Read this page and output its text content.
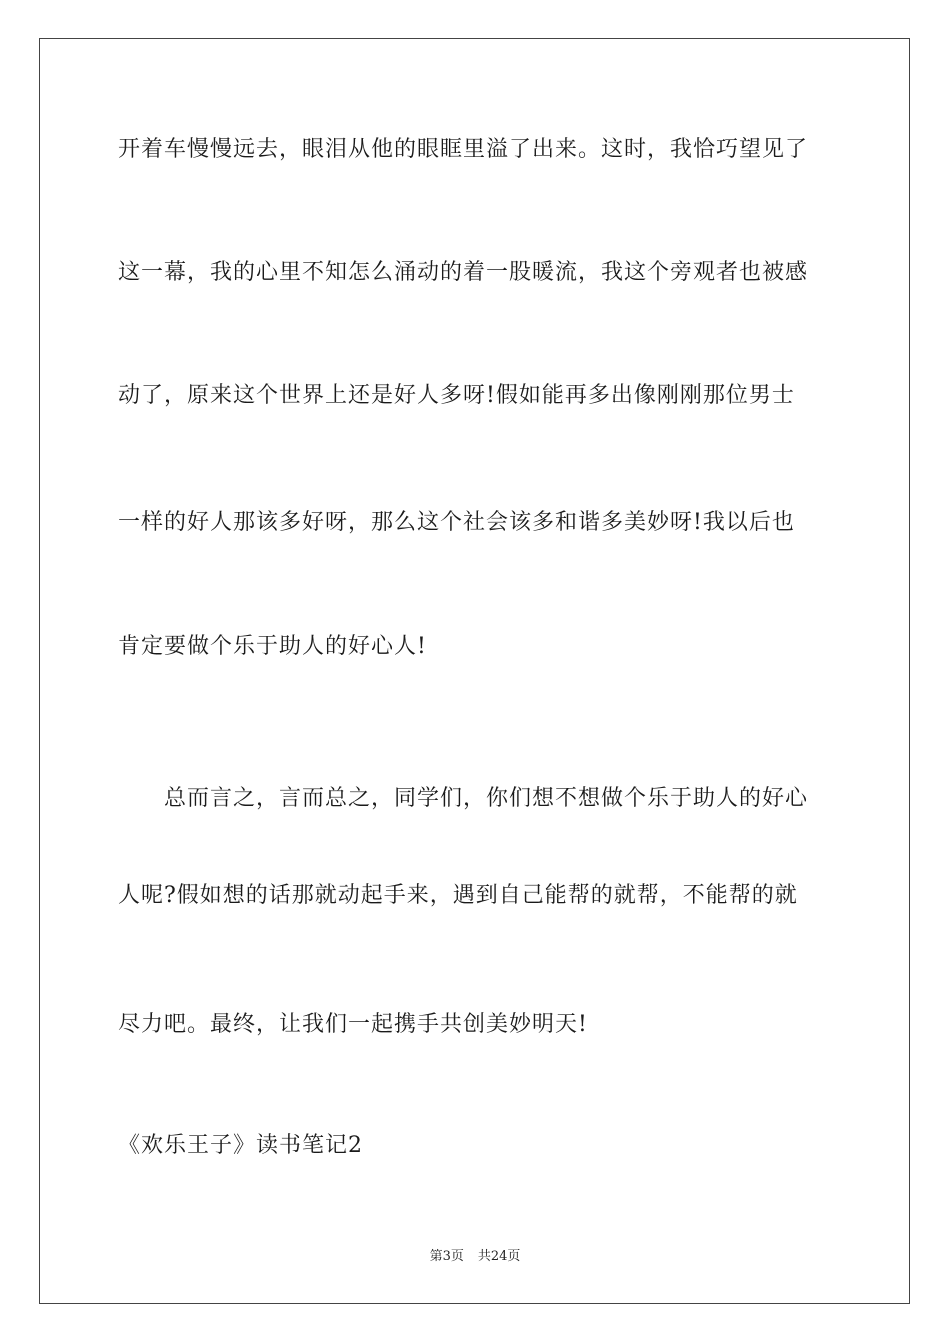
开着车慢慢远去，眼泪从他的眼眶里溢了出来。这时，我恰巧望见了
这一幕，我的心里不知怎么涌动的着一股暖流，我这个旁观者也被感
动了，原来这个世界上还是好人多呀!假如能再多出像刚刚那位男士
一样的好人那该多好呀，那么这个社会该多和谐多美妙呀!我以后也
肯定要做个乐于助人的好心人!
总而言之，言而总之，同学们，你们想不想做个乐于助人的好心
人呢?假如想的话那就动起手来，遇到自己能帮的就帮，不能帮的就
尽力吧。最终，让我们一起携手共创美妙明天!
《欢乐王子》读书笔记2
第3页 共24页
